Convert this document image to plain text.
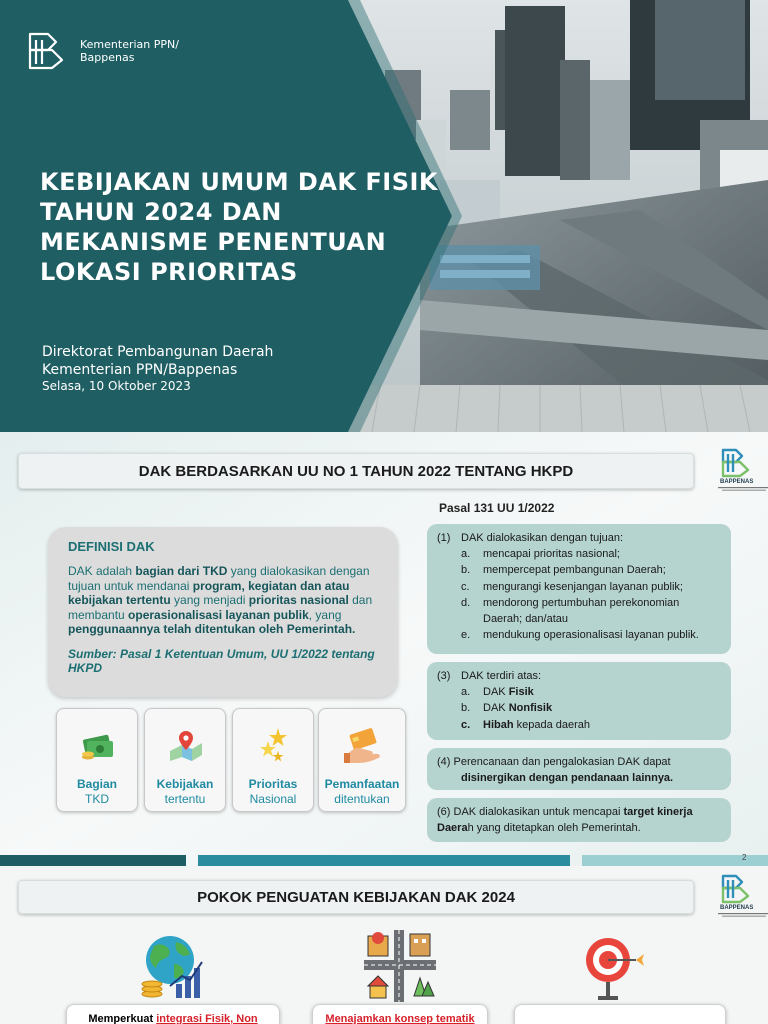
Kementerian PPN/
Bappenas
KEBIJAKAN UMUM DAK FISIK TAHUN 2024 DAN MEKANISME PENENTUAN LOKASI PRIORITAS
Direktorat Pembangunan Daerah
Kementerian PPN/Bappenas
Selasa, 10 Oktober 2023
DAK BERDASARKAN UU NO 1 TAHUN 2022 TENTANG HKPD
BAPPENAS
DEFINISI DAK
DAK adalah bagian dari TKD yang dialokasikan dengan tujuan untuk mendanai program, kegiatan dan atau kebijakan tertentu yang menjadi prioritas nasional dan membantu operasionalisasi layanan publik, yang penggunaannya telah ditentukan oleh Pemerintah.
Sumber: Pasal 1 Ketentuan Umum, UU 1/2022 tentang HKPD
Bagian
TKD
Kebijakan
tertentu
Prioritas
Nasional
Pemanfaatan
ditentukan
Pasal 131 UU 1/2022
(1) DAK dialokasikan dengan tujuan:
a.	mencapai prioritas nasional;
b.	mempercepat pembangunan Daerah;
c.	mengurangi kesenjangan layanan publik;
d.	mendorong pertumbuhan perekonomian Daerah; dan/atau
e.	mendukung operasionalisasi layanan publik.
(3) DAK terdiri atas:
a.	DAK Fisik
b.	DAK Nonfisik
c.	Hibah kepada daerah
(4) Perencanaan dan pengalokasian DAK dapat
disinergikan dengan pendanaan lainnya.
(6) DAK dialokasikan untuk mencapai target kinerja Daerah yang ditetapkan oleh Pemerintah.
2
POKOK PENGUATAN KEBIJAKAN DAK 2024
BAPPENAS
Memperkuat integrasi Fisik, Non	Menajamkan konsep tematik
